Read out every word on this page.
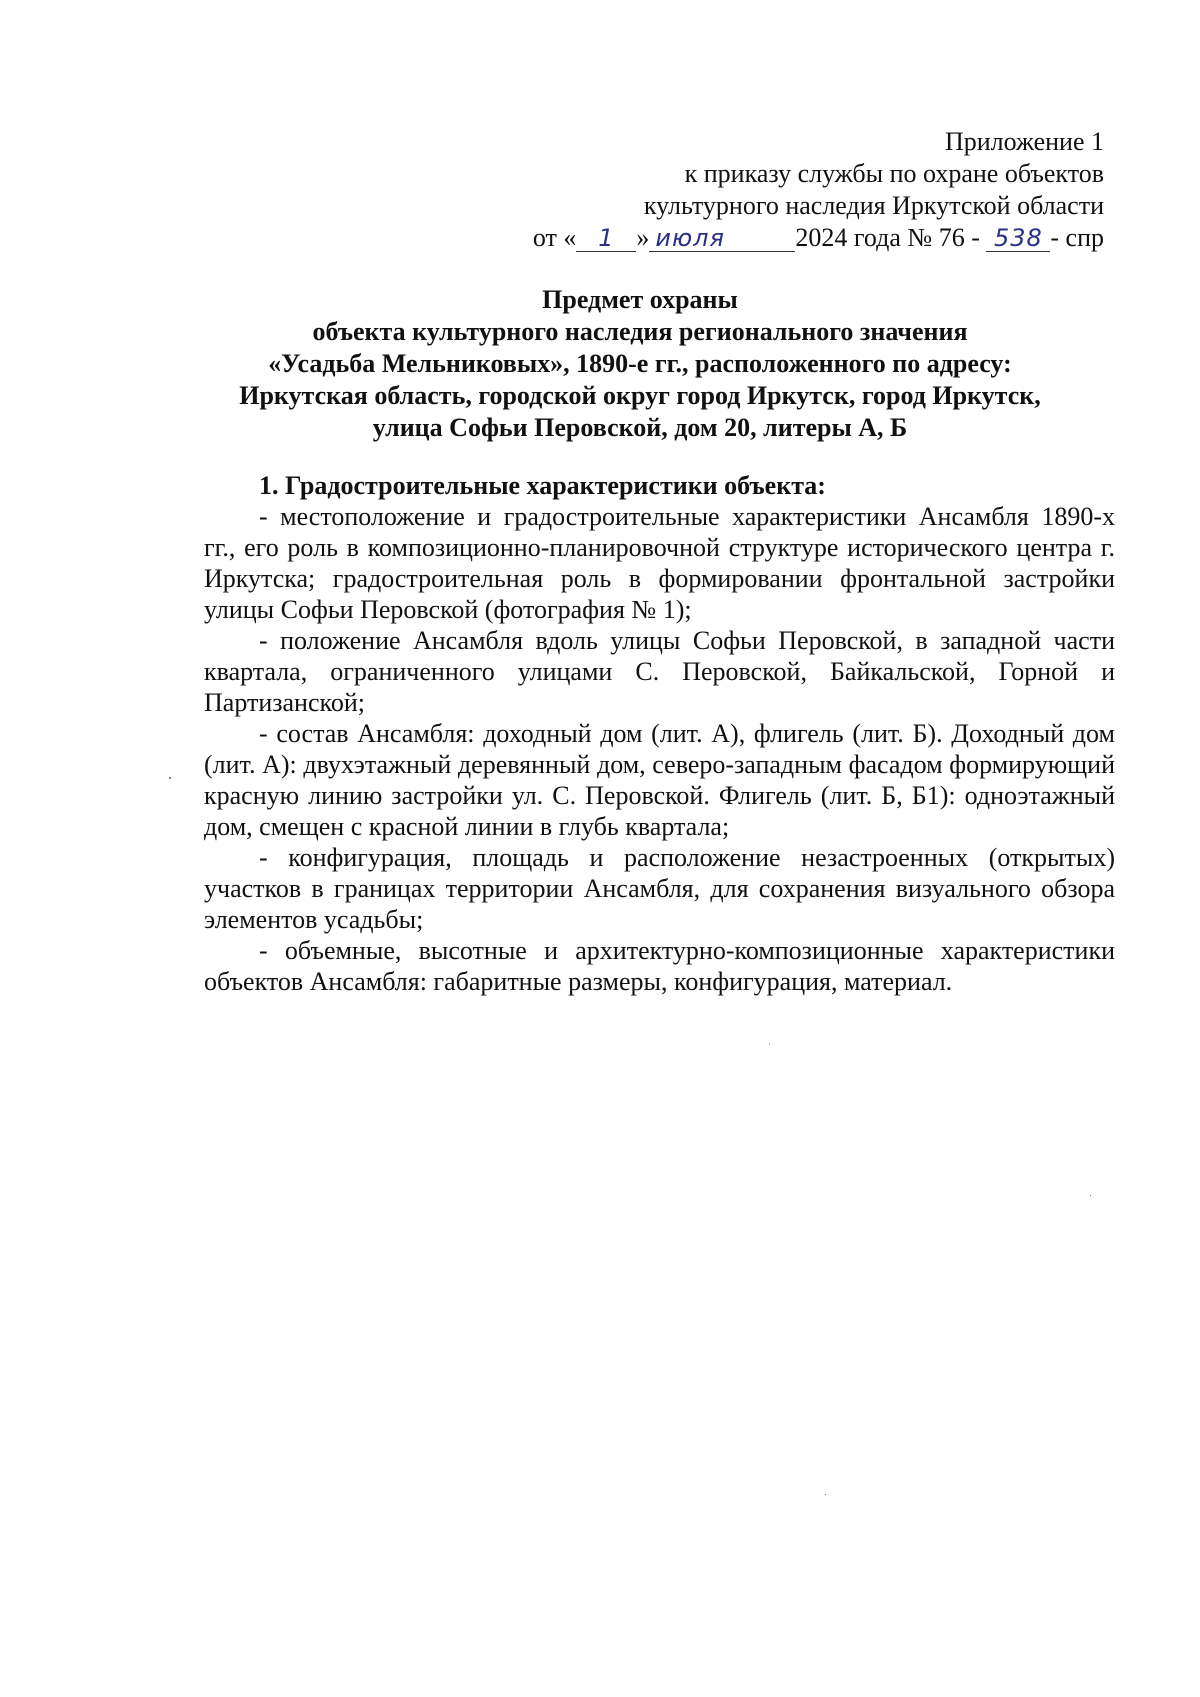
Приложение 1
к приказу службы по охране объектов
культурного наследия Иркутской области
от « 1 » июля	2024 года № 76 - 538 - спр
Предмет охраны
объекта культурного наследия регионального значения
«Усадьба Мельниковых», 1890-е гг., расположенного по адресу:
Иркутская область, городской округ город Иркутск, город Иркутск,
улица Софьи Перовской, дом 20, литеры А, Б

1. Градостроительные характеристики объекта:

- местоположение и градостроительные характеристики Ансамбля 1890-х гг., его роль в композиционно-планировочной структуре исторического центра г. Иркутска; градостроительная роль в формировании фронтальной застройки улицы Софьи Перовской (фотография № 1);

- положение Ансамбля вдоль улицы Софьи Перовской, в западной части квартала, ограниченного улицами С. Перовской, Байкальской, Горной и Партизанской;

- состав Ансамбля: доходный дом (лит. А), флигель (лит. Б). Доходный дом (лит. А): двухэтажный деревянный дом, северо-западным фасадом формирующий красную линию застройки ул. С. Перовской. Флигель (лит. Б, Б1): одноэтажный дом, смещен с красной линии в глубь квартала;

- конфигурация, площадь и расположение незастроенных (открытых) участков в границах территории Ансамбля, для сохранения визуального обзора элементов усадьбы;

- объемные, высотные и архитектурно-композиционные характеристики объектов Ансамбля: габаритные размеры, конфигурация, материал.
